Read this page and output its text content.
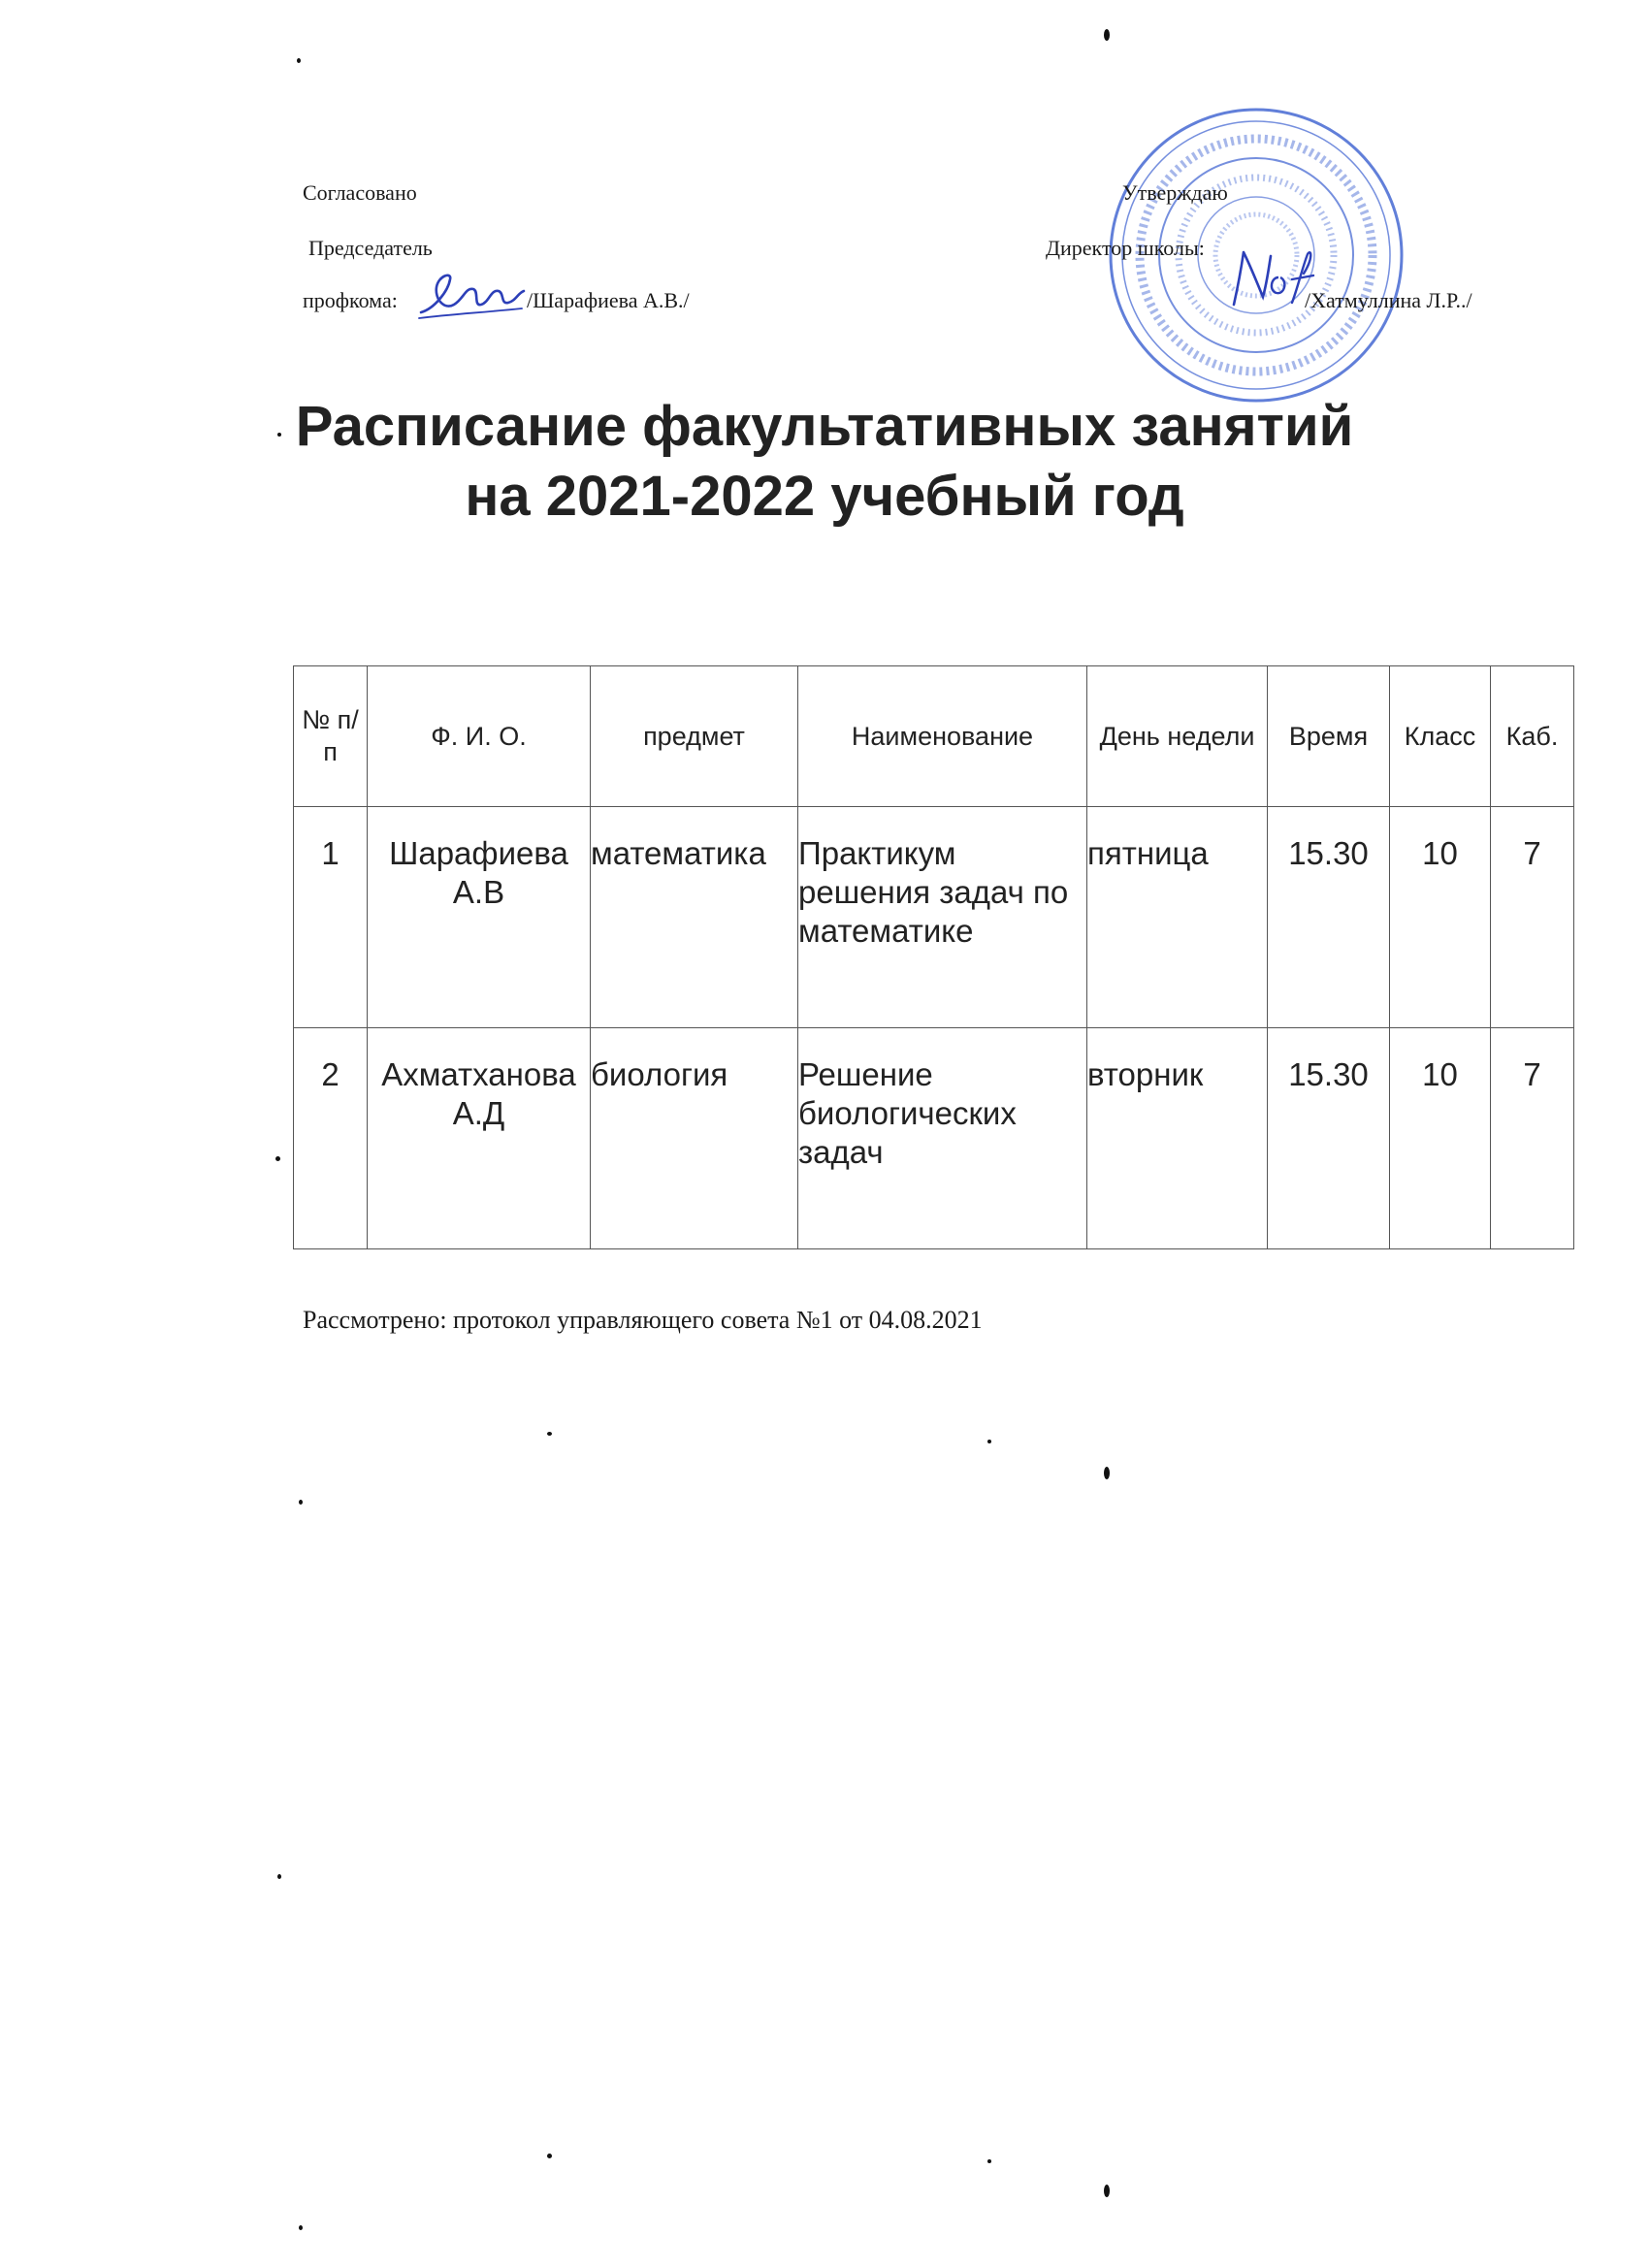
Согласовано
Председатель
профкома:	/Шарафиева А.В./
Утверждаю
Директор школы:
/Хатмуллина Л.Р../
Расписание факультативных занятий
на 2021-2022 учебный год
№ п/п	Ф. И. О.	предмет	Наименование	День недели	Время	Класс	Каб.
1	Шарафиева А.В	математика	Практикум решения задач по математике	пятница	15.30	10	7
2	Ахматханова А.Д	биология	Решение биологических задач	вторник	15.30	10	7
Рассмотрено: протокол управляющего совета №1 от 04.08.2021
